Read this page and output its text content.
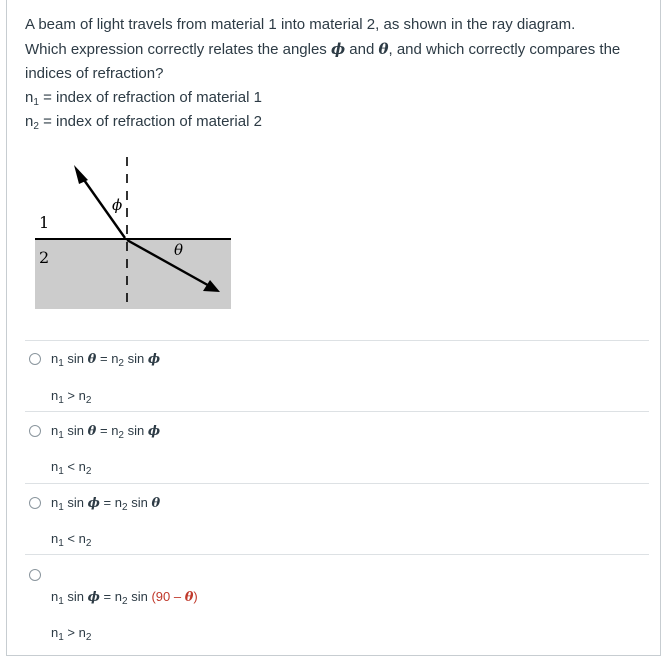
A beam of light travels from material 1 into material 2, as shown in the ray diagram.

Which expression correctly relates the angles ϕ and θ, and which correctly compares the

indices of refraction?

$n_1$ = index of refraction of material 1

$n_2$ = index of refraction of material 2

1
2
ϕ
θ
$n_1$ $\sin \theta = n_2$ sin ϕ
$n_1 > n_2$
$n_1$ $\sin \theta = n_2$ sin ϕ
$n_1 < n_2$
$n_1$ $\sin \phi = n_2$ sin θ
$n_1 < n_2$
$n_1$ $\sin \phi = n_2$ sin (90 – θ)
$n_1 > n_2$
